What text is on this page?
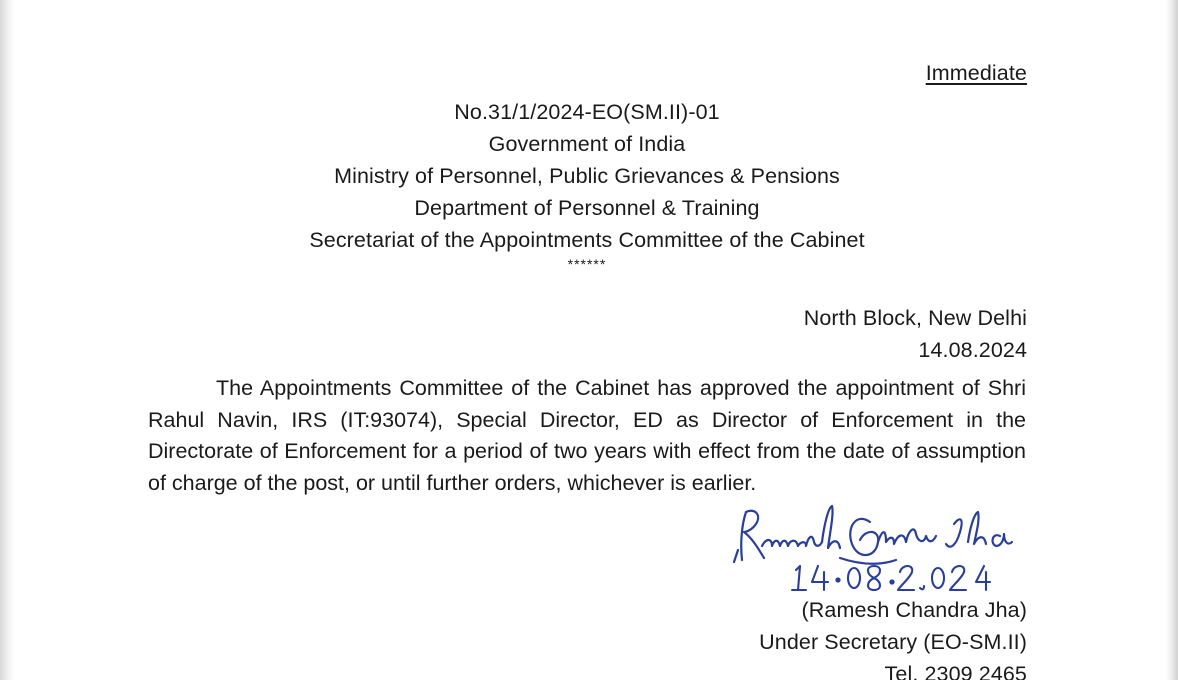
Immediate
No.31/1/2024-EO(SM.II)-01
Government of India
Ministry of Personnel, Public Grievances & Pensions
Department of Personnel & Training
Secretariat of the Appointments Committee of the Cabinet
******
North Block, New Delhi
14.08.2024
The Appointments Committee of the Cabinet has approved the appointment of Shri Rahul Navin, IRS (IT:93074), Special Director, ED as Director of Enforcement in the Directorate of Enforcement for a period of two years with effect from the date of assumption of charge of the post, or until further orders, whichever is earlier.
(Ramesh Chandra Jha)
Under Secretary (EO-SM.II)
Tel. 2309 2465
